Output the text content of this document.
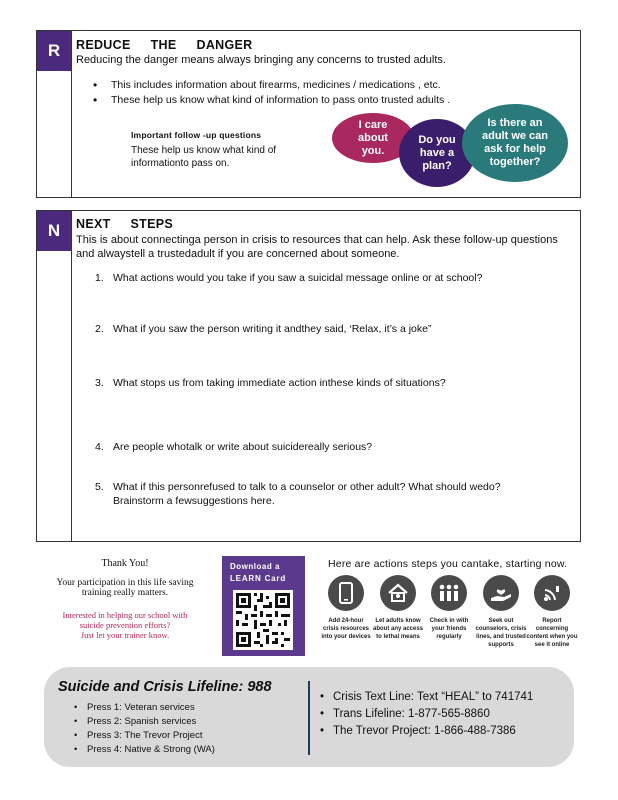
R	REDUCE THE DANGER
Reducing the danger means always bringing any concerns to trusted adults.
• This includes information about firearms, medicines / medications , etc.
• These help us know what kind of information to pass onto trusted adults .
Important follow -up questions
These help us know what kind of
informationto pass on.
I care about you.
Do you have a plan?
Is there an adult we can ask for help together?
N	NEXT STEPS
This is about connectinga person in crisis to resources that can help. Ask these follow-up questions
and alwaystell a trustedadult if you are concerned about someone.
1. What actions would you take if you saw a suicidal message online or at school?
2. What if you saw the person writing it andthey said, ‘Relax, it’s a joke”
3. What stops us from taking immediate action inthese kinds of situations?
4. Are people whotalk or write about suicidereally serious?
5. What if this personrefused to talk to a counselor or other adult? What should wedo?
Brainstorm a fewsuggestions here.
Thank You!
Your participation in this life saving
training really matters.
Interested in helping our school with
suicide prevention efforts?
Just let your trainer know.
Download a
LEARN Card
Here are actions steps you cantake, starting now.
Add 24-hour crisis resources into your devices
Let adults know about any access to lethal means
Check in with your friends regularly
Seek out counselors, crisis lines, and trusted supports
Report concerning content when you see it online
Suicide and Crisis Lifeline: 988
• Press 1: Veteran services
• Press 2: Spanish services
• Press 3: The Trevor Project
• Press 4: Native & Strong (WA)
• Crisis Text Line: Text “HEAL” to 741741
• Trans Lifeline: 1-877-565-8860
• The Trevor Project: 1-866-488-7386
